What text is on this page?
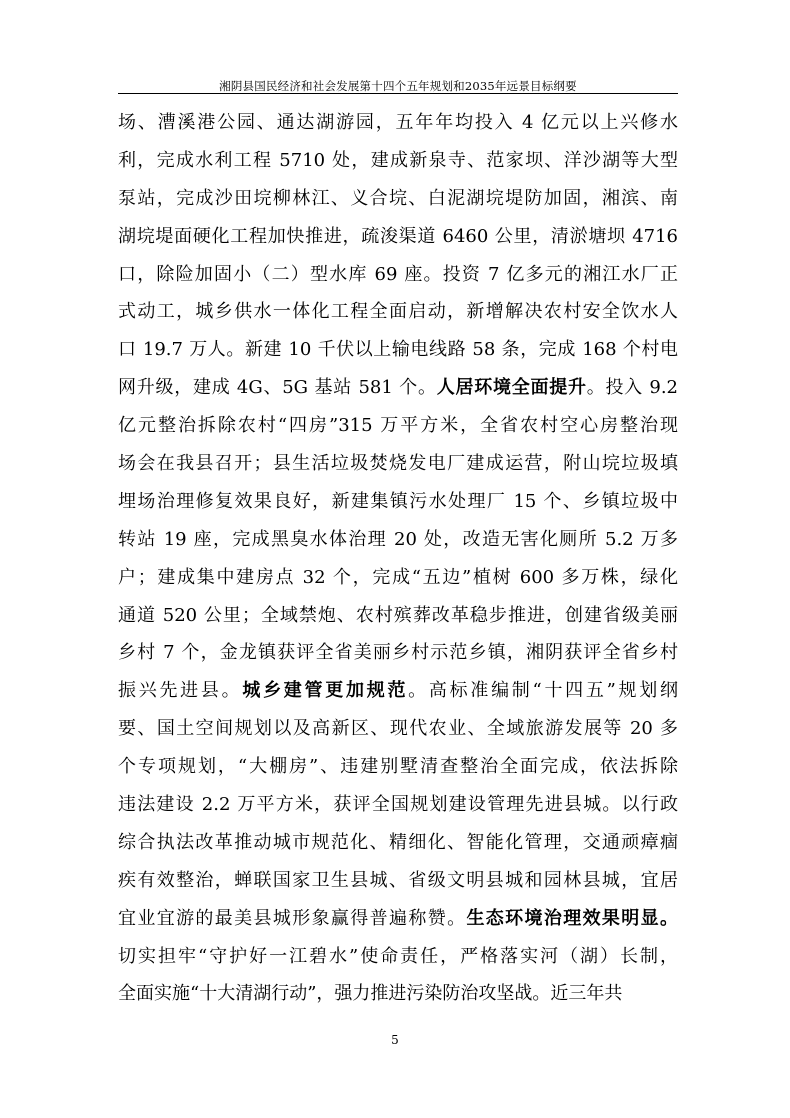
湘阴县国民经济和社会发展第十四个五年规划和2035年远景目标纲要
场、漕溪港公园、通达湖游园，五年年均投入 4 亿元以上兴修水
利，完成水利工程 5710 处，建成新泉寺、范家坝、洋沙湖等大型
泵站，完成沙田垸柳林江、义合垸、白泥湖垸堤防加固，湘滨、南
湖垸堤面硬化工程加快推进，疏浚渠道 6460 公里，清淤塘坝 4716
口，除险加固小（二）型水库 69 座。投资 7 亿多元的湘江水厂正
式动工，城乡供水一体化工程全面启动，新增解决农村安全饮水人
口 19.7 万人。新建 10 千伏以上输电线路 58 条，完成 168 个村电
网升级，建成 4G、5G 基站 581 个。人居环境全面提升。投入 9.2
亿元整治拆除农村“四房”315 万平方米，全省农村空心房整治现
场会在我县召开；县生活垃圾焚烧发电厂建成运营，附山垸垃圾填
埋场治理修复效果良好，新建集镇污水处理厂 15 个、乡镇垃圾中
转站 19 座，完成黑臭水体治理 20 处，改造无害化厕所 5.2 万多
户；建成集中建房点 32 个，完成“五边”植树 600 多万株，绿化
通道 520 公里；全域禁炮、农村殡葬改革稳步推进，创建省级美丽
乡村 7 个，金龙镇获评全省美丽乡村示范乡镇，湘阴获评全省乡村
振兴先进县。城乡建管更加规范。高标准编制“十四五”规划纲
要、国土空间规划以及高新区、现代农业、全域旅游发展等 20 多
个专项规划，“大棚房”、违建别墅清查整治全面完成，依法拆除
违法建设 2.2 万平方米，获评全国规划建设管理先进县城。以行政
综合执法改革推动城市规范化、精细化、智能化管理，交通顽瘴痼
疾有效整治，蝉联国家卫生县城、省级文明县城和园林县城，宜居
宜业宜游的最美县城形象赢得普遍称赞。生态环境治理效果明显。
切实担牢“守护好一江碧水”使命责任，严格落实河（湖）长制，
全面实施“十大清湖行动”，强力推进污染防治攻坚战。近三年共
5
